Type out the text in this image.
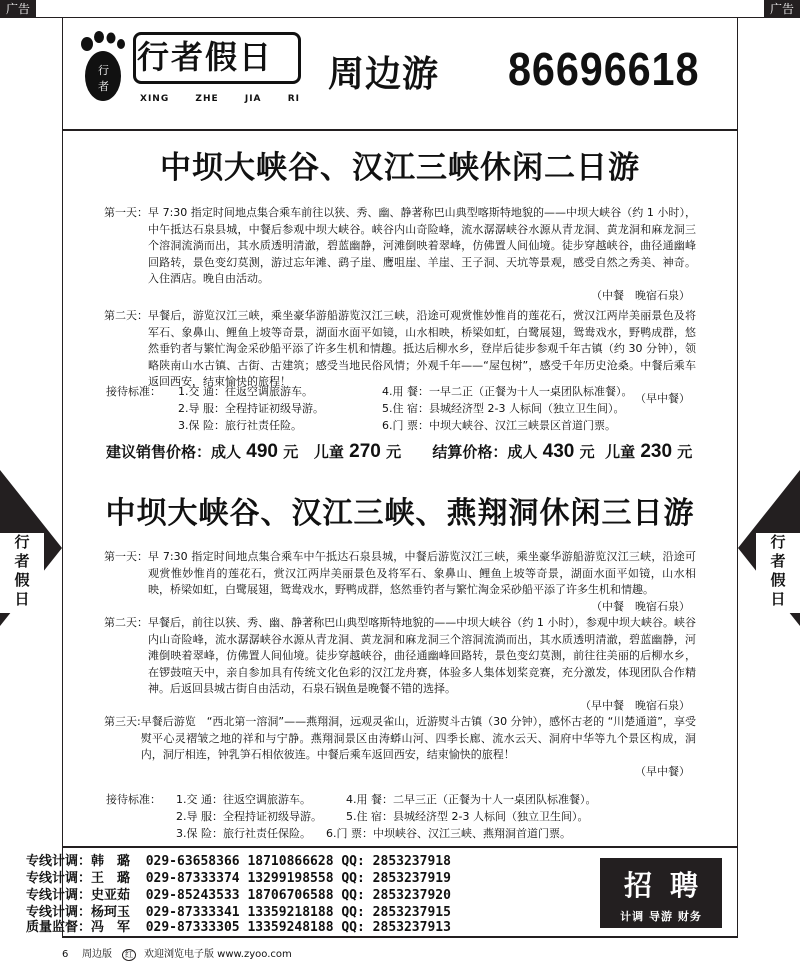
广告	广告
行
者
行者假日
XING	ZHE	JIA	RI
周边游 86696618
中坝大峡谷、汉江三峡休闲二日游
第一天： 早 7:30 指定时间地点集合乘车前往以狭、秀、幽、静著称巴山典型喀斯特地貌的——中坝大峡谷（约 1 小时），中午抵达石泉县城，中餐后参观中坝大峡谷。峡谷内山奇险峰，流水潺潺峡谷水源从青龙洞、黄龙洞和麻龙洞三个溶洞流淌而出，其水质透明清澈，碧蓝幽静，河滩倒映着翠峰，仿佛置人间仙境。徒步穿越峡谷，曲径通幽峰回路转，景色变幻莫测，游过忘年滩、鹞子崖、鹰咀崖、羊崖、王子洞、天坑等景观，感受自然之秀美、神奇。入住酒店。晚自由活动。
（中餐　晚宿石泉）
第二天： 早餐后，游览汉江三峡，乘坐豪华游船游览汉江三峡，沿途可观赏惟妙惟肖的莲花石，赏汉江两岸美丽景色及将军石、象鼻山、鲤鱼上坡等奇景，湖面水面平如镜，山水相映，桥梁如虹，白鹭展翅，鸳鸯戏水，野鸭成群，悠然垂钓者与繁忙淘金采砂船平添了许多生机和情趣。抵达后柳水乡，登岸后徒步参观千年古镇（约 30 分钟），领略陕南山水古镇、古街、古建筑；感受当地民俗风情；外观千年——“屋包树”，感受千年历史沧桑。中餐后乘车返回西安，结束愉快的旅程！
（早中餐）
接待标准： 1.交 通：往返空调旅游车。	4.用 餐：一早二正（正餐为十人一桌团队标准餐）。
2.导 服：全程持证初级导游。	5.住 宿：县城经济型 2-3 人标间（独立卫生间）。
3.保 险：旅行社责任险。	6.门 票：中坝大峡谷、汉江三峡景区首道门票。
建议销售价格：成人 490 元 儿童 270 元 结算价格：成人 430 元 儿童 230 元
行
者
假
日
行
者
假
日
中坝大峡谷、汉江三峡、燕翔洞休闲三日游
第一天： 早 7:30 指定时间地点集合乘车中午抵达石泉县城，中餐后游览汉江三峡，乘坐豪华游船游览汉江三峡，沿途可观赏惟妙惟肖的莲花石，赏汉江两岸美丽景色及将军石、象鼻山、鲤鱼上坡等奇景，湖面水面平如镜，山水相映，桥梁如虹，白鹭展翅，鸳鸯戏水，野鸭成群，悠然垂钓者与繁忙淘金采砂船平添了许多生机和情趣。
（中餐　晚宿石泉）
第二天： 早餐后，前往以狭、秀、幽、静著称巴山典型喀斯特地貌的——中坝大峡谷（约 1 小时），参观中坝大峡谷。峡谷内山奇险峰，流水潺潺峡谷水源从青龙洞、黄龙洞和麻龙洞三个溶洞流淌而出，其水质透明清澈，碧蓝幽静，河滩倒映着翠峰，仿佛置人间仙境。徒步穿越峡谷，曲径通幽峰回路转，景色变幻莫测，前往往美丽的后柳水乡，在锣鼓喧天中，亲自参加具有传统文化色彩的汉江龙舟赛，体验多人集体划桨竞赛，充分激发，体现团队合作精神。后返回县城古街自由活动，石泉石锅鱼是晚餐不错的选择。
（早中餐　晚宿石泉）
第三天: 早餐后游览　“西北第一溶洞”——燕翔洞，远观灵雀山，近游熨斗古镇（30 分钟），感怀古老的 “川楚通道”，享受熨平心灵褶皱之地的祥和与宁静。燕翔洞景区由涛蟒山河、四季长廊、流水云天、洞府中华等九个景区构成，洞内，洞厅相连，钟乳笋石相依彼连。中餐后乘车返回西安，结束愉快的旅程！
（早中餐）
接待标准： 1.交 通：往返空调旅游车。	4.用 餐：二早三正（正餐为十人一桌团队标准餐）。
2.导 服：全程持证初级导游。 5.住 宿：县城经济型 2-3 人标间（独立卫生间）。
3.保 险：旅行社责任保险。 6.门 票：中坝峡谷、汉江三峡、燕翔洞首道门票。
专线计调：韩　璐 029-63658366 18710866628 QQ: 2853237918
专线计调：王　璐 029-87333374 13299198558 QQ: 2853237919
专线计调：史亚茹 029-85243533 18706706588 QQ: 2853237920
专线计调：杨珂玉 029-87333341 13359218188 QQ: 2853237915
质量监督：冯　军 029-87333305 13359248188 QQ: 2853237913
招聘
计调 导游 财务
6 周边版	红	欢迎浏览电子版 www.zyoo.com
